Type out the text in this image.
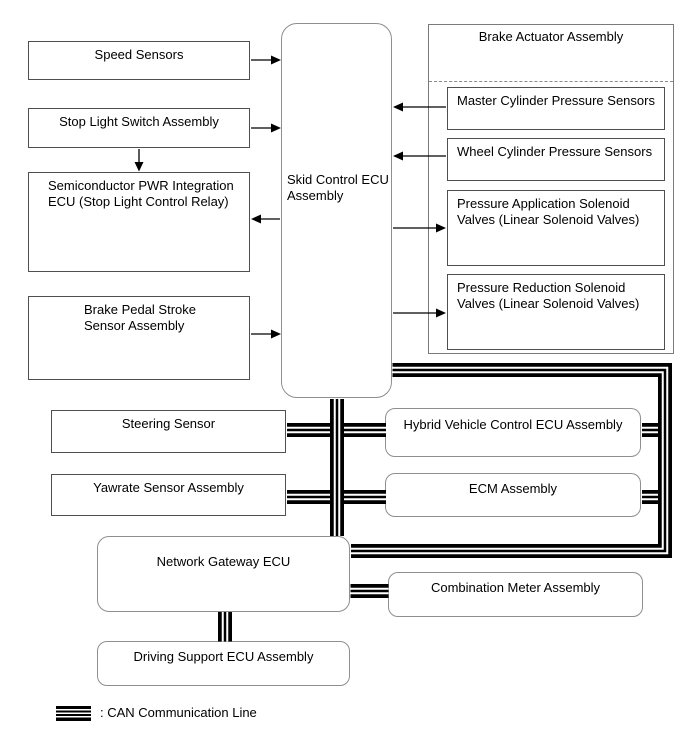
Speed Sensors
Stop Light Switch Assembly
Semiconductor PWR Integration ECU (Stop Light Control Relay)
Brake Pedal Stroke Sensor Assembly
Skid Control ECU Assembly
Brake Actuator Assembly
Master Cylinder Pressure Sensors
Wheel Cylinder Pressure Sensors
Pressure Application Solenoid Valves (Linear Solenoid Valves)
Pressure Reduction Solenoid Valves (Linear Solenoid Valves)
Steering Sensor
Yawrate Sensor Assembly
Hybrid Vehicle Control ECU Assembly
ECM Assembly
Network Gateway ECU
Combination Meter Assembly
Driving Support ECU Assembly
: CAN Communication Line
